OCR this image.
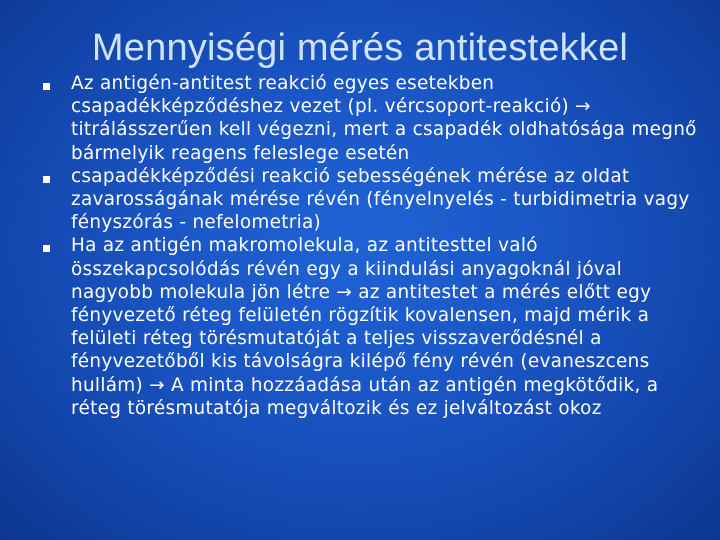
Mennyiségi mérés antitestekkel
Az antigén-antitest reakció egyes esetekben csapadékképződéshez vezet (pl. vércsoport-reakció) → titrálásszerűen kell végezni, mert a csapadék oldhatósága megnő bármelyik reagens feleslege esetén
csapadékképződési reakció sebességének mérése az oldat zavarosságának mérése révén (fényelnyelés - turbidimetria vagy fényszórás - nefelometria)
Ha az antigén makromolekula, az antitesttel való összekapcsolódás révén egy a kiindulási anyagoknál jóval nagyobb molekula jön létre → az antitestet a mérés előtt egy fényvezető réteg felületén rögzítik kovalensen, majd mérik a felületi réteg törésmutatóját a teljes visszaverődésnél a fényvezetőből kis távolságra kilépő fény révén (evaneszcens hullám) → A minta hozzáadása után az antigén megkötődik, a réteg törésmutatója megváltozik és ez jelváltozást okoz
